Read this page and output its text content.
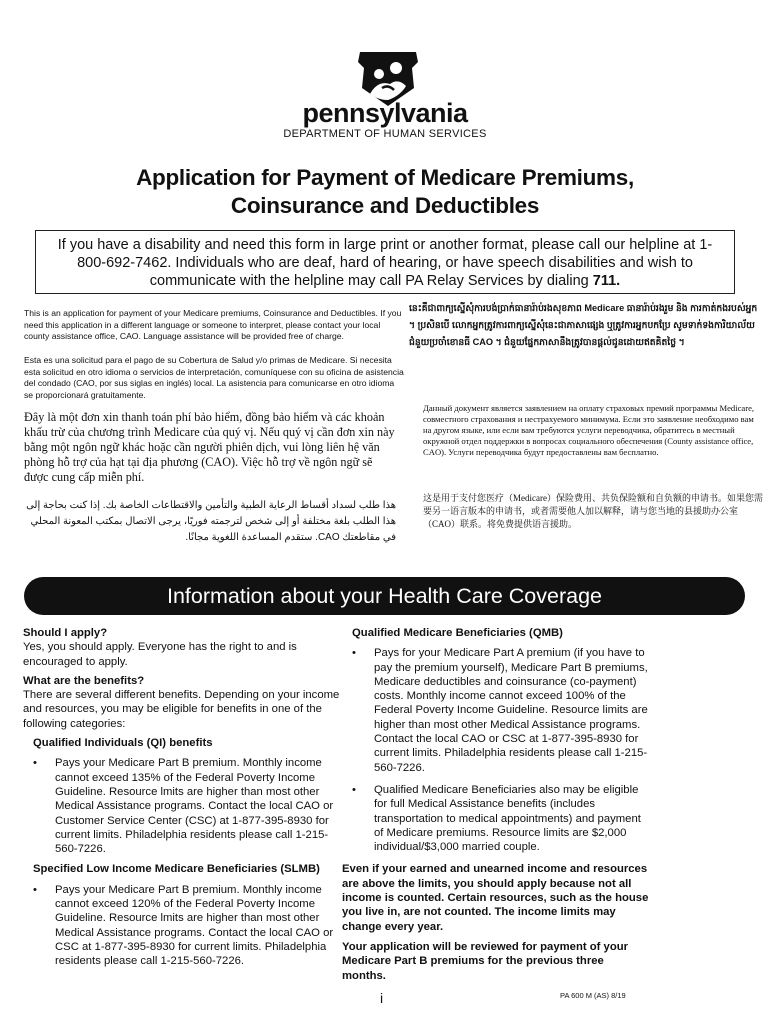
pennsylvania
DEPARTMENT OF HUMAN SERVICES
Application for Payment of Medicare Premiums,
Coinsurance and Deductibles
If you have a disability and need this form in large print or another format, please call our helpline at 1-800-692-7462. Individuals who are deaf, hard of hearing, or have speech disabilities and wish to communicate with the helpline may call PA Relay Services by dialing 711.
This is an application for payment of your Medicare premiums, Coinsurance and Deductibles. If you need this application in a different language or someone to interpret, please contact your local county assistance office, CAO. Language assistance will be provided free of charge.
Esta es una solicitud para el pago de su Cobertura de Salud y/o primas de Medicare. Si necesita esta solicitud en otro idioma o servicios de interpretación, comuníquese con su oficina de asistencia del condado (CAO, por sus siglas en inglés) local. La asistencia para comunicarse en otro idioma se proporcionará gratuitamente.
Đây là một đơn xin thanh toán phí bảo hiểm, đồng bảo hiểm và các khoản khấu trừ của chương trình Medicare của quý vị. Nếu quý vị cần đơn xin này bằng một ngôn ngữ khác hoặc cần người phiên dịch, vui lòng liên hệ văn phòng hỗ trợ của hạt tại địa phương (CAO). Việc hỗ trợ về ngôn ngữ sẽ được cung cấp miễn phí.
هذا طلب لسداد أقساط الرعاية الطبية والتأمين والاقتطاعات الخاصة بك. إذا كنت بحاجة إلى هذا الطلب بلغة مختلفة أو إلى شخص لترجمته فوريًا، يرجى الاتصال بمكتب المعونة المحلي في مقاطعتك CAO. ستقدم المساعدة اللغوية مجانًا.
នេះគឺជាពាក្យស្នើសុំការបង់ប្រាក់ធានារ៉ាប់រងសុខភាព Medicare ធានារ៉ាប់រងរួម និង ការកាត់កងរបស់អ្នក ។ ប្រសិនបើ លោកអ្នកត្រូវការពាក្យស្នើសុំនេះជាភាសាផ្សេង ឬត្រូវការអ្នកបកប្រែ សូមទាក់ទងការិយាល័យជំនួយប្រចាំខោនធី CAO ។ ជំនួយផ្នែកភាសានឹងត្រូវបានផ្តល់ជូនដោយឥតគិតថ្លៃ ។
Данный документ является заявлением на оплату страховых премий программы Medicare, совместного страхования и нестрахуемого минимума. Если это заявление необходимо вам на другом языке, или если вам требуются услуги переводчика, обратитесь в местный окружной отдел поддержки в вопросах социального обеспечения (County assistance office, CAO). Услуги переводчика будут предоставлены вам бесплатно.
这是用于支付您医疗（Medicare）保险费用、共负保险额和自负额的申请书。如果您需要另一语言版本的申请书，或者需要他人加以解释，请与您当地的县援助办公室（CAO）联系。将免费提供语言援助。
Information about your Health Care Coverage
Should I apply?
Yes, you should apply. Everyone has the right to and is encouraged to apply.
What are the benefits?
There are several different benefits. Depending on your income and resources, you may be eligible for benefits in one of the following categories:
Qualified Individuals (QI) benefits
• Pays your Medicare Part B premium. Monthly income cannot exceed 135% of the Federal Poverty Income Guideline. Resource lmits are higher than most other Medical Assistance programs. Contact the local CAO or Customer Service Center (CSC) at 1-877-395-8930 for current limits. Philadelphia residents please call 1-215-560-7226.
Specified Low Income Medicare Beneficiaries (SLMB)
• Pays your Medicare Part B premium. Monthly income cannot exceed 120% of the Federal Poverty Income Guideline. Resource lmits are higher than most other Medical Assistance programs. Contact the local CAO or CSC at 1-877-395-8930 for current limits. Philadelphia residents please call 1-215-560-7226.
Qualified Medicare Beneficiaries (QMB)
• Pays for your Medicare Part A premium (if you have to pay the premium yourself), Medicare Part B premiums, Medicare deductibles and coinsurance (co-payment) costs. Monthly income cannot exceed 100% of the Federal Poverty Income Guideline. Resource limits are higher than most other Medical Assistance programs. Contact the local CAO or CSC at 1-877-395-8930 for current limits. Philadelphia residents please call 1-215-560-7226.
• Qualified Medicare Beneficiaries also may be eligible for full Medical Assistance benefits (includes transportation to medical appointments) and payment of Medicare premiums. Resource limits are $2,000 individual/$3,000 married couple.
Even if your earned and unearned income and resources are above the limits, you should apply because not all income is counted. Certain resources, such as the house you live in, are not counted. The income limits may change every year.
Your application will be reviewed for payment of your Medicare Part B premiums for the previous three months.
i	PA 600 M (AS) 8/19
